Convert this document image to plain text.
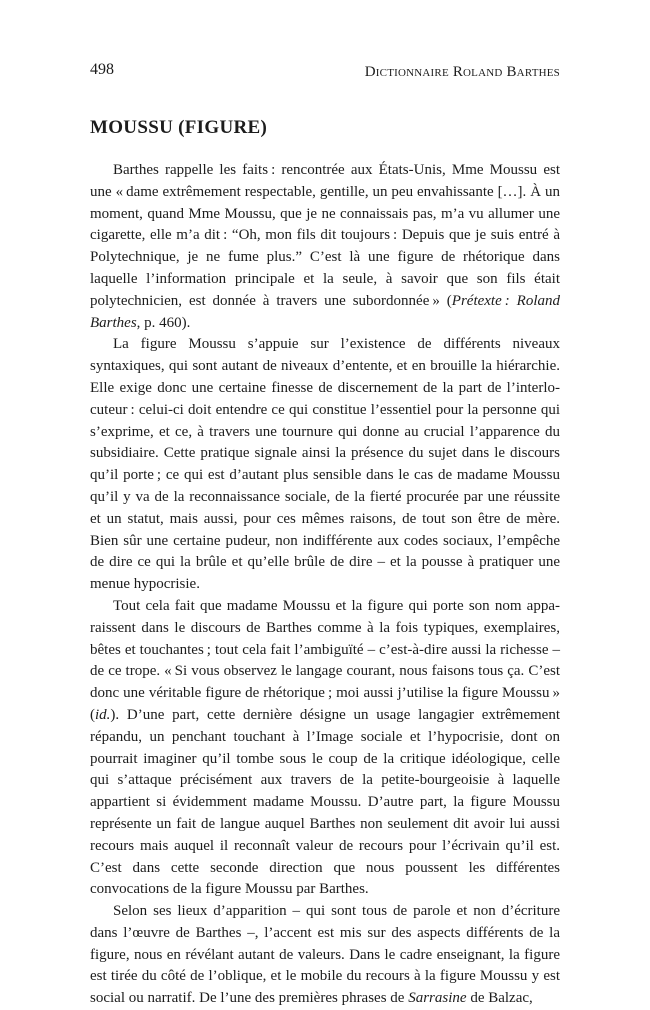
498	Dictionnaire Roland Barthes
MOUSSU (FIGURE)

Barthes rappelle les faits : rencontrée aux États-Unis, Mme Moussu est une « dame extrêmement respectable, gentille, un peu envahissante […]. À un moment, quand Mme Moussu, que je ne connaissais pas, m’a vu allumer une cigarette, elle m’a dit : “Oh, mon fils dit toujours : Depuis que je suis entré à Polytechnique, je ne fume plus.” C’est là une figure de rhétorique dans laquelle l’information principale et la seule, à savoir que son fils était polytechnicien, est donnée à travers une subordonnée » (Prétexte : Roland Barthes, p. 460).

La figure Moussu s’appuie sur l’existence de différents niveaux syntaxiques, qui sont autant de niveaux d’entente, et en brouille la hiérarchie. Elle exige donc une certaine finesse de discernement de la part de l’interlocuteur : celui-ci doit entendre ce qui constitue l’essentiel pour la personne qui s’exprime, et ce, à travers une tournure qui donne au crucial l’apparence du subsidiaire. Cette pratique signale ainsi la présence du sujet dans le discours qu’il porte ; ce qui est d’autant plus sensible dans le cas de madame Moussu qu’il y va de la reconnaissance sociale, de la fierté procurée par une réussite et un statut, mais aussi, pour ces mêmes raisons, de tout son être de mère. Bien sûr une certaine pudeur, non indifférente aux codes sociaux, l’empêche de dire ce qui la brûle et qu’elle brûle de dire – et la pousse à pratiquer une menue hypocrisie.

Tout cela fait que madame Moussu et la figure qui porte son nom apparaissent dans le discours de Barthes comme à la fois typiques, exemplaires, bêtes et touchantes ; tout cela fait l’ambiguïté – c’est-à-dire aussi la richesse – de ce trope. « Si vous observez le langage courant, nous faisons tous ça. C’est donc une véritable figure de rhétorique ; moi aussi j’utilise la figure Moussu » (id.). D’une part, cette dernière désigne un usage langagier extrêmement répandu, un penchant touchant à l’Image sociale et l’hypocrisie, dont on pourrait imaginer qu’il tombe sous le coup de la critique idéologique, celle qui s’attaque précisément aux travers de la petite-bourgeoisie à laquelle appartient si évidemment madame Moussu. D’autre part, la figure Moussu représente un fait de langue auquel Barthes non seulement dit avoir lui aussi recours mais auquel il reconnaît valeur de recours pour l’écrivain qu’il est. C’est dans cette seconde direction que nous poussent les différentes convocations de la figure Moussu par Barthes.

Selon ses lieux d’apparition – qui sont tous de parole et non d’écriture dans l’œuvre de Barthes –, l’accent est mis sur des aspects différents de la figure, nous en révélant autant de valeurs. Dans le cadre enseignant, la figure est tirée du côté de l’oblique, et le mobile du recours à la figure Moussu y est social ou narratif. De l’une des premières phrases de Sarrasine de Balzac,
